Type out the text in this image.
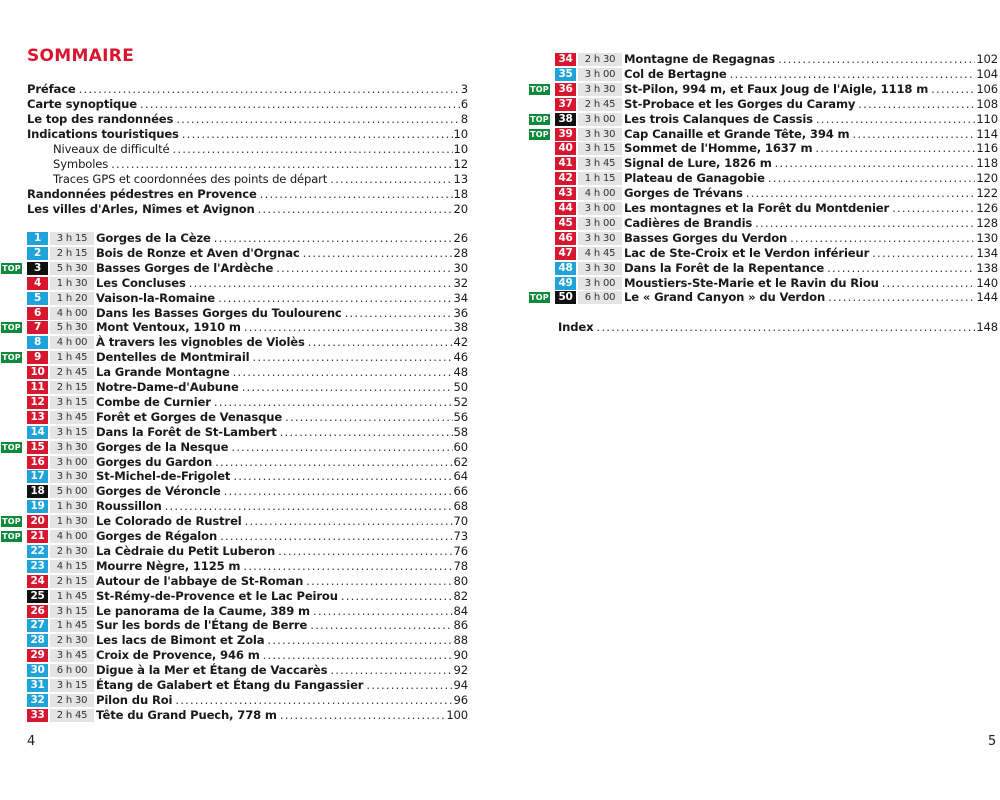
SOMMAIRE
Préface .....	3
Carte synoptique .....	6
Le top des randonnées .....	8
Indications touristiques .....	10
Niveaux de difficulté .....	10
Symboles .....	12
Traces GPS et coordonnées des points de départ .....	13
Randonnées pédestres en Provence .....	18
Les villes d'Arles, Nîmes et Avignon .....	20
1	3 h 15 Gorges de la Cèze .....	26
2	2 h 15 Bois de Ronze et Aven d'Orgnac .....	28
TOP	3	5 h 30 Basses Gorges de l'Ardèche .....	30
4	1 h 30 Les Concluses .....	32
5	1 h 20 Vaison-la-Romaine .....	34
6	4 h 00 Dans les Basses Gorges du Toulourenc .....	36
TOP	7	5 h 30 Mont Ventoux, 1910 m .....	38
8	4 h 00 À travers les vignobles de Violès .....	42
TOP	9	1 h 45 Dentelles de Montmirail .....	46
10	2 h 45 La Grande Montagne .....	48
11	2 h 15 Notre-Dame-d'Aubune .....	50
12	3 h 15 Combe de Curnier .....	52
13	3 h 45 Forêt et Gorges de Venasque .....	56
14	3 h 15 Dans la Forêt de St-Lambert .....	58
TOP 15	3 h 30 Gorges de la Nesque .....	60
16	3 h 00 Gorges du Gardon .....	62
17	3 h 30 St-Michel-de-Frigolet .....	64
18	5 h 00 Gorges de Véroncle .....	66
19	1 h 30 Roussillon .....	68
TOP 20	1 h 30 Le Colorado de Rustrel .....	70
TOP 21	4 h 00 Gorges de Régalon .....	73
22	2 h 30 La Cèdraie du Petit Luberon .....	76
23	4 h 15 Mourre Nègre, 1125 m .....	78
24	2 h 15 Autour de l'abbaye de St-Roman .....	80
25	1 h 45 St-Rémy-de-Provence et le Lac Peirou .....	82
26	3 h 15 Le panorama de la Caume, 389 m .....	84
27	1 h 45 Sur les bords de l'Étang de Berre .....	86
28	2 h 30 Les lacs de Bimont et Zola .....	88
29	3 h 45 Croix de Provence, 946 m .....	90
30	6 h 00 Digue à la Mer et Étang de Vaccarès .....	92
31	3 h 15 Étang de Galabert et Étang du Fangassier .....	94
32	2 h 30 Pilon du Roi .....	96
33	2 h 45 Tête du Grand Puech, 778 m .....	100
4
34	2 h 30 Montagne de Regagnas .....	102
35	3 h 00 Col de Bertagne .....	104
TOP 36	3 h 30 St-Pilon, 994 m, et Faux Joug de l'Aigle, 1118 m .....	106
37	2 h 45 St-Probace et les Gorges du Caramy .....	108
TOP 38	3 h 00 Les trois Calanques de Cassis .....	110
TOP 39	3 h 30 Cap Canaille et Grande Tête, 394 m .....	114
40	3 h 15 Sommet de l'Homme, 1637 m .....	116
41	3 h 45 Signal de Lure, 1826 m .....	118
42	1 h 15 Plateau de Ganagobie .....	120
43	4 h 00 Gorges de Trévans .....	122
44	3 h 00 Les montagnes et la Forêt du Montdenier .....	126
45	3 h 00 Cadières de Brandis .....	128
46	3 h 30 Basses Gorges du Verdon .....	130
47	4 h 45 Lac de Ste-Croix et le Verdon inférieur .....	134
48	3 h 30 Dans la Forêt de la Repentance .....	138
49	3 h 00 Moustiers-Ste-Marie et le Ravin du Riou .....	140
TOP 50	6 h 00 Le « Grand Canyon » du Verdon .....	144
Index .....	148
5
